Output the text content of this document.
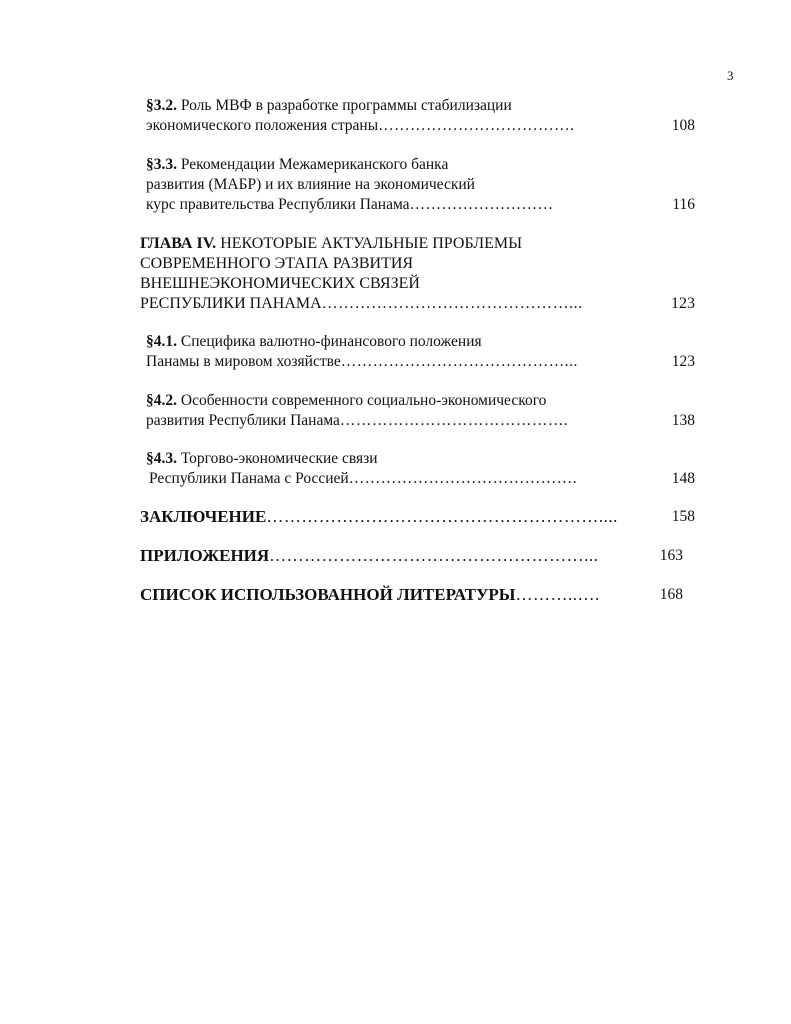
3
§3.2. Роль МВФ в разработке программы стабилизации
экономического положения страны……………………………….	108
§3.3. Рекомендации Межамериканского банка
развития (МАБР) и их влияние на экономический
курс правительства Республики Панама………………………	116
ГЛАВА IV. НЕКОТОРЫЕ АКТУАЛЬНЫЕ ПРОБЛЕМЫ
СОВРЕМЕННОГО ЭТАПА РАЗВИТИЯ
ВНЕШНЕЭКОНОМИЧЕСКИХ СВЯЗЕЙ
РЕСПУБЛИКИ ПАНАМА………………………………………...	123
§4.1. Специфика валютно-финансового положения
Панамы в мировом хозяйстве……………………………………...	123
§4.2. Особенности современного социально-экономического
развития Республики Панама…………………………………….	138
§4.3. Торгово-экономические связи
Республики Панама с Россией…………………………………….	148
ЗАКЛЮЧЕНИЕ…………………………………………………....	158
ПРИЛОЖЕНИЯ………………………………………………...	163
СПИСОК ИСПОЛЬЗОВАННОЙ ЛИТЕРАТУРЫ………..….	168
